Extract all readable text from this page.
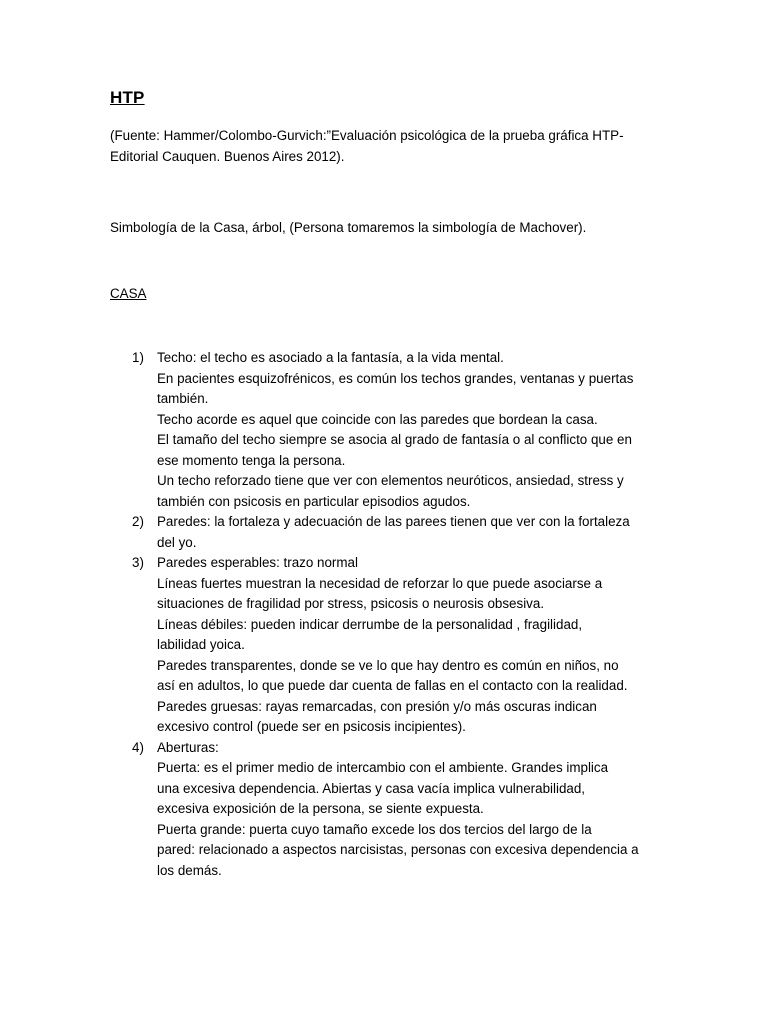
HTP

(Fuente: Hammer/Colombo-Gurvich:”Evaluación psicológica de la prueba gráfica HTP-
Editorial Cauquen. Buenos Aires 2012).

Simbología de la Casa, árbol, (Persona tomaremos la simbología de Machover).

CASA

1) Techo: el techo es asociado a la fantasía, a la vida mental.
En pacientes esquizofrénicos, es común los techos grandes, ventanas y puertas
también.
Techo acorde es aquel que coincide con las paredes que bordean la casa.
El tamaño del techo siempre se asocia al grado de fantasía o al conflicto que en
ese momento tenga la persona.
Un techo reforzado tiene que ver con elementos neuróticos, ansiedad, stress y
también con psicosis en particular episodios agudos.
2) Paredes: la fortaleza y adecuación de las parees tienen que ver con la fortaleza
del yo.
3) Paredes esperables: trazo normal
Líneas fuertes muestran la necesidad de reforzar lo que puede asociarse a
situaciones de fragilidad por stress, psicosis o neurosis obsesiva.
Líneas débiles: pueden indicar derrumbe de la personalidad , fragilidad,
labilidad yoica.
Paredes transparentes, donde se ve lo que hay dentro es común en niños, no
así en adultos, lo que puede dar cuenta de fallas en el contacto con la realidad.
Paredes gruesas: rayas remarcadas, con presión y/o más oscuras indican
excesivo control (puede ser en psicosis incipientes).
4) Aberturas:
Puerta: es el primer medio de intercambio con el ambiente. Grandes implica
una excesiva dependencia. Abiertas y casa vacía implica vulnerabilidad,
excesiva exposición de la persona, se siente expuesta.
Puerta grande: puerta cuyo tamaño excede los dos tercios del largo de la
pared: relacionado a aspectos narcisistas, personas con excesiva dependencia a
los demás.
